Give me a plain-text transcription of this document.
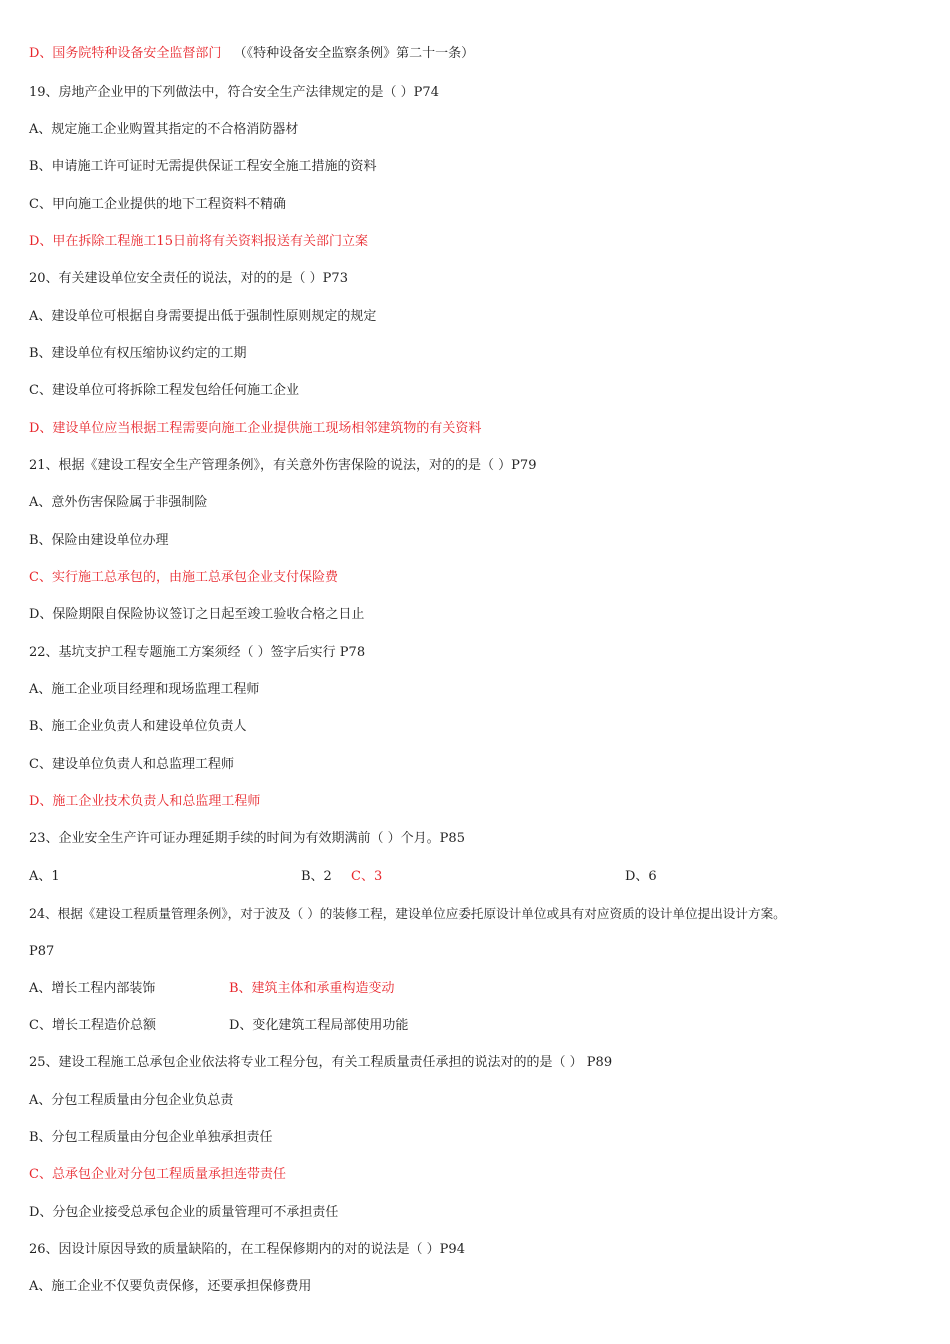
D、国务院特种设备安全监督部门 （《特种设备安全监察条例》第二十一条）
19、房地产企业甲的下列做法中，符合安全生产法律规定的是（ ）P74
A、规定施工企业购置其指定的不合格消防器材
B、申请施工许可证时无需提供保证工程安全施工措施的资料
C、甲向施工企业提供的地下工程资料不精确
D、甲在拆除工程施工15日前将有关资料报送有关部门立案
20、有关建设单位安全责任的说法，对的的是（ ）P73
A、建设单位可根据自身需要提出低于强制性原则规定的规定
B、建设单位有权压缩协议约定的工期
C、建设单位可将拆除工程发包给任何施工企业
D、建设单位应当根据工程需要向施工企业提供施工现场相邻建筑物的有关资料
21、根据《建设工程安全生产管理条例》，有关意外伤害保险的说法，对的的是（ ）P79
A、意外伤害保险属于非强制险
B、保险由建设单位办理
C、实行施工总承包的，由施工总承包企业支付保险费
D、保险期限自保险协议签订之日起至竣工验收合格之日止
22、基坑支护工程专题施工方案须经（ ）签字后实行 P78
A、施工企业项目经理和现场监理工程师
B、施工企业负责人和建设单位负责人
C、建设单位负责人和总监理工程师
D、施工企业技术负责人和总监理工程师
23、企业安全生产许可证办理延期手续的时间为有效期满前（ ）个月。P85
A、1	B、2 C、3	D、6
24、根据《建设工程质量管理条例》，对于波及（ ）的装修工程，建设单位应委托原设计单位或具有对应资质的设计单位提出设计方案。
P87
A、增长工程内部装饰	B、建筑主体和承重构造变动
C、增长工程造价总额	D、变化建筑工程局部使用功能
25、建设工程施工总承包企业依法将专业工程分包，有关工程质量责任承担的说法对的的是（ ） P89
A、分包工程质量由分包企业负总责
B、分包工程质量由分包企业单独承担责任
C、总承包企业对分包工程质量承担连带责任
D、分包企业接受总承包企业的质量管理可不承担责任
26、因设计原因导致的质量缺陷的，在工程保修期内的对的说法是（ ）P94
A、施工企业不仅要负责保修，还要承担保修费用
